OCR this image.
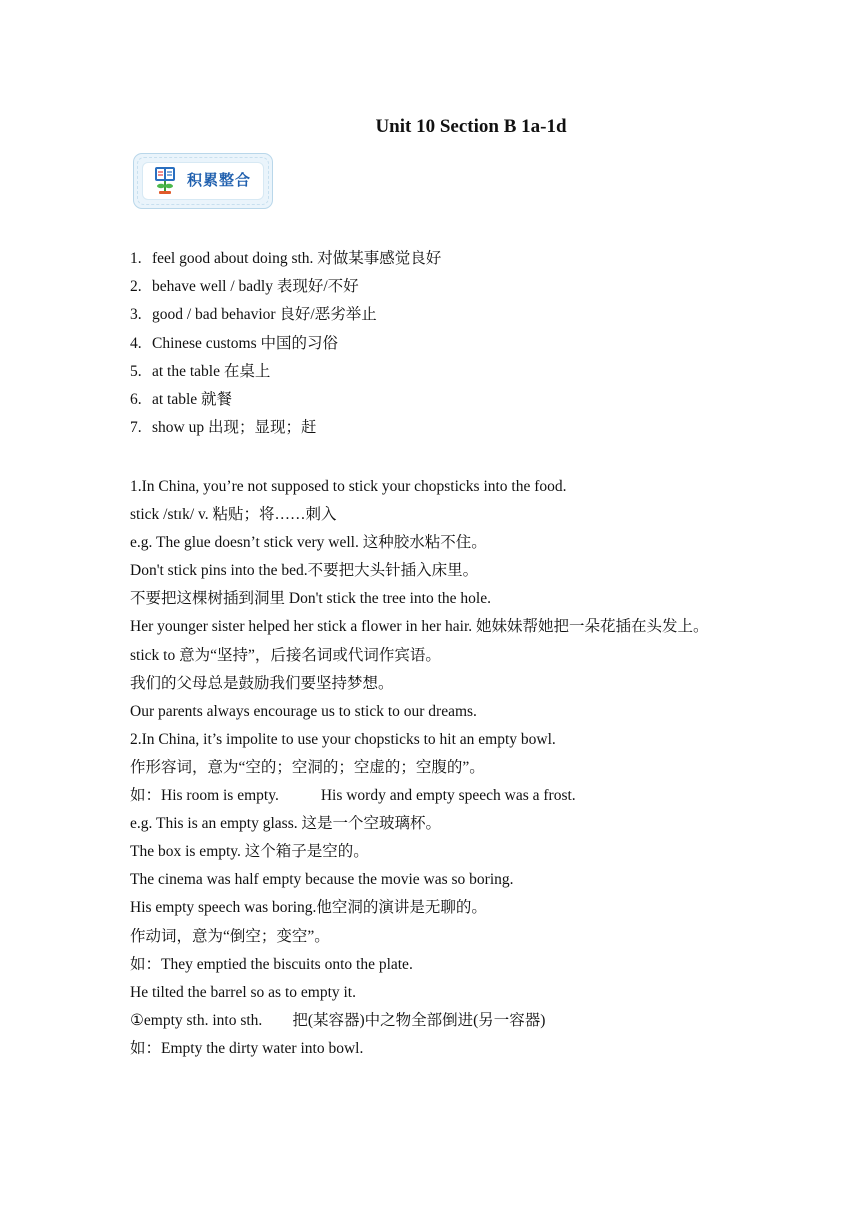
Unit 10 Section B 1a-1d
积累整合
1. feel good about doing sth. 对做某事感觉良好
2. behave well / badly 表现好/不好
3. good / bad behavior 良好/恶劣举止
4. Chinese customs 中国的习俗
5. at the table 在桌上
6. at table 就餐
7. show up 出现；显现；赶

1.In China, you’re not supposed to stick your chopsticks into the food.

stick /stɪk/ v. 粘贴；将……刺入

e.g. The glue doesn’t stick very well. 这种胶水粘不住。

Don't stick pins into the bed.不要把大头针插入床里。

不要把这棵树插到洞里 Don't stick the tree into the hole.

Her younger sister helped her stick a flower in her hair. 她妹妹帮她把一朵花插在头发上。

stick to 意为“坚持”，后接名词或代词作宾语。

我们的父母总是鼓励我们要坚持梦想。

Our parents always encourage us to stick to our dreams.

2.In China, it’s impolite to use your chopsticks to hit an empty bowl.

作形容词，意为“空的；空洞的；空虚的；空腹的”。

如：His room is empty.	His wordy and empty speech was a frost.

e.g. This is an empty glass. 这是一个空玻璃杯。

The box is empty. 这个箱子是空的。

The cinema was half empty because the movie was so boring.

His empty speech was boring.他空洞的演讲是无聊的。

作动词，意为“倒空；变空”。

如：They emptied the biscuits onto the plate.

He tilted the barrel so as to empty it.

①empty sth. into sth. 把(某容器)中之物全部倒进(另一容器)

如：Empty the dirty water into bowl.
